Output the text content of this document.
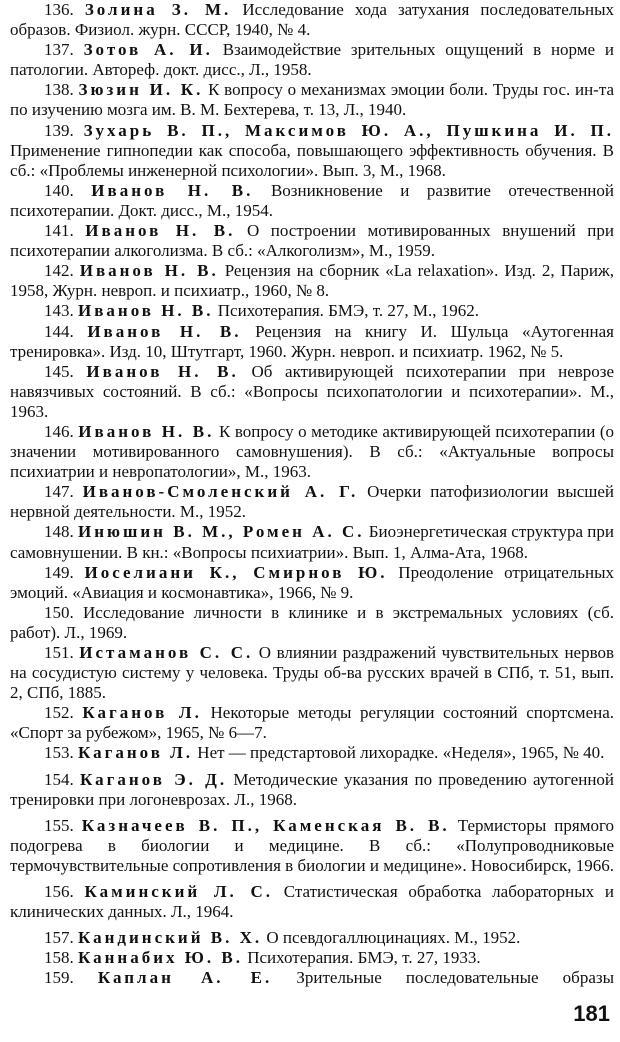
136. Золина З. М. Исследование хода затухания последовательных образов. Физиол. журн. СССР, 1940, № 4.

137. Зотов А. И. Взаимодействие зрительных ощущений в норме и патологии. Автореф. докт. дисс., Л., 1958.

138. Зюзин И. К. К вопросу о механизмах эмоции боли. Труды гос. ин-та по изучению мозга им. В. М. Бехтерева, т. 13, Л., 1940.

139. Зухарь В. П., Максимов Ю. А., Пушкина И. П. Применение гипнопедии как способа, повышающего эффективность обучения. В сб.: «Проблемы инженерной психологии». Вып. 3, М., 1968.

140. Иванов Н. В. Возникновение и развитие отечественной психотерапии. Докт. дисс., М., 1954.

141. Иванов Н. В. О построении мотивированных внушений при психотерапии алкоголизма. В сб.: «Алкоголизм», М., 1959.

142. Иванов Н. В. Рецензия на сборник «La relaxation». Изд. 2, Париж, 1958, Журн. невроп. и психиатр., 1960, № 8.

143. Иванов Н. В. Психотерапия. БМЭ, т. 27, М., 1962.

144. Иванов Н. В. Рецензия на книгу И. Шульца «Аутогенная тренировка». Изд. 10, Штутгарт, 1960. Журн. невроп. и психиатр. 1962, № 5.

145. Иванов Н. В. Об активирующей психотерапии при неврозе навязчивых состояний. В сб.: «Вопросы психопатологии и психотерапии». М., 1963.

146. Иванов Н. В. К вопросу о методике активирующей психотерапии (о значении мотивированного самовнушения). В сб.: «Актуальные вопросы психиатрии и невропатологии», М., 1963.

147. Иванов-Смоленский А. Г. Очерки патофизиологии высшей нервной деятельности. М., 1952.

148. Инюшин В. М., Ромен А. С. Биоэнергетическая структура при самовнушении. В кн.: «Вопросы психиатрии». Вып. 1, Алма-Ата, 1968.

149. Иоселиани К., Смирнов Ю. Преодоление отрицательных эмоций. «Авиация и космонавтика», 1966, № 9.

150. Исследование личности в клинике и в экстремальных условиях (сб. работ). Л., 1969.

151. Истаманов С. С. О влиянии раздражений чувствительных нервов на сосудистую систему у человека. Труды об-ва русских врачей в СПб, т. 51, вып. 2, СПб, 1885.

152. Каганов Л. Некоторые методы регуляции состояний спортсмена. «Спорт за рубежом», 1965, № 6—7.

153. Каганов Л. Нет — предстартовой лихорадке. «Неделя», 1965, № 40.

154. Каганов Э. Д. Методические указания по проведению аутогенной тренировки при логоневрозах. Л., 1968.

155. Казначеев В. П., Каменская В. В. Термисторы прямого подогрева в биологии и медицине. В сб.: «Полупроводниковые термочувствительные сопротивления в биологии и медицине». Новосибирск, 1966.

156. Каминский Л. С. Статистическая обработка лабораторных и клинических данных. Л., 1964.

157. Кандинский В. Х. О псевдогаллюцинациях. М., 1952.

158. Каннабих Ю. В. Психотерапия. БМЭ, т. 27, 1933.

159. Каплан А. Е. Зрительные последовательные образы

181
